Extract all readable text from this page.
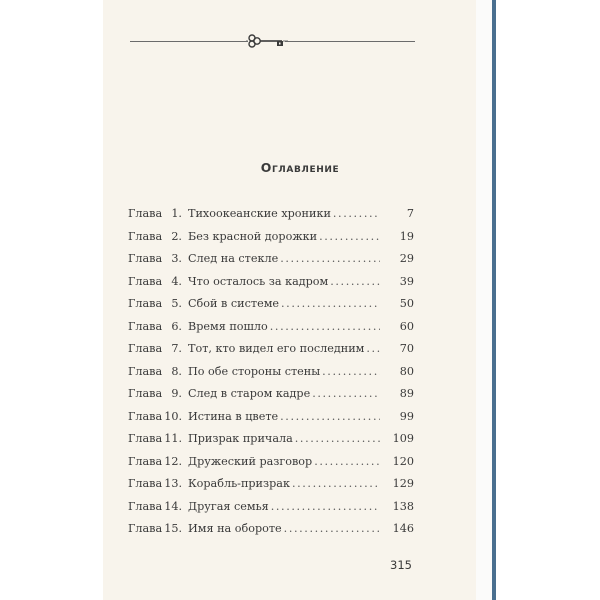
Оглавление
Глава 1. Тихоокеанские хроники .....	7
Глава 2. Без красной дорожки .....	19
Глава 3. След на стекле .....	29
Глава 4. Что осталось за кадром .....	39
Глава 5. Сбой в системе .....	50
Глава 6. Время пошло .....	60
Глава 7. Тот, кто видел его последним .....	70
Глава 8. По обе стороны стены .....	80
Глава 9. След в старом кадре .....	89
Глава 10. Истина в цвете .....	99
Глава 11. Призрак причала .....	109
Глава 12. Дружеский разговор .....	120
Глава 13. Корабль-призрак .....	129
Глава 14. Другая семья .....	138
Глава 15. Имя на обороте .....	146
315
